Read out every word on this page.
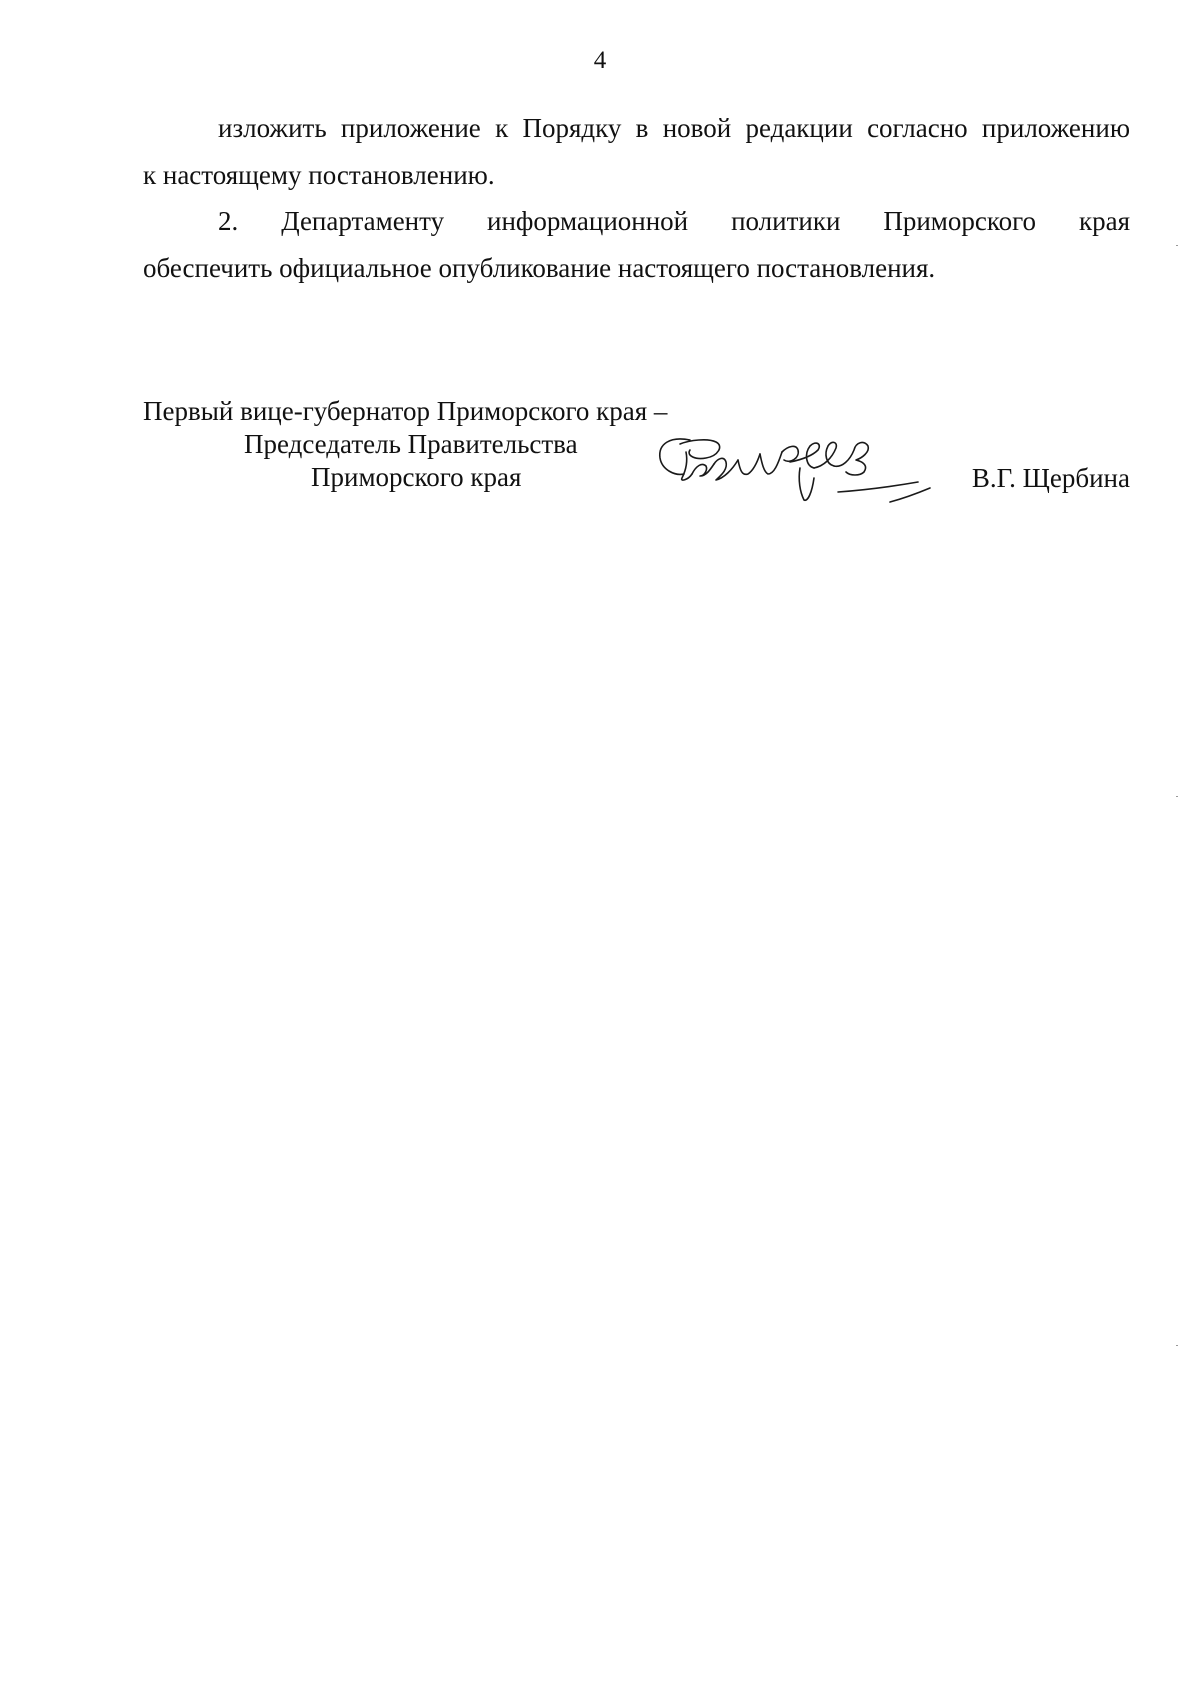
4
изложить приложение к Порядку в новой редакции согласно приложению
к настоящему постановлению.
2. Департаменту информационной политики Приморского края
обеспечить официальное опубликование настоящего постановления.
Первый вице-губернатор Приморского края –
Председатель Правительства
Приморского края	В.Г. Щербина
